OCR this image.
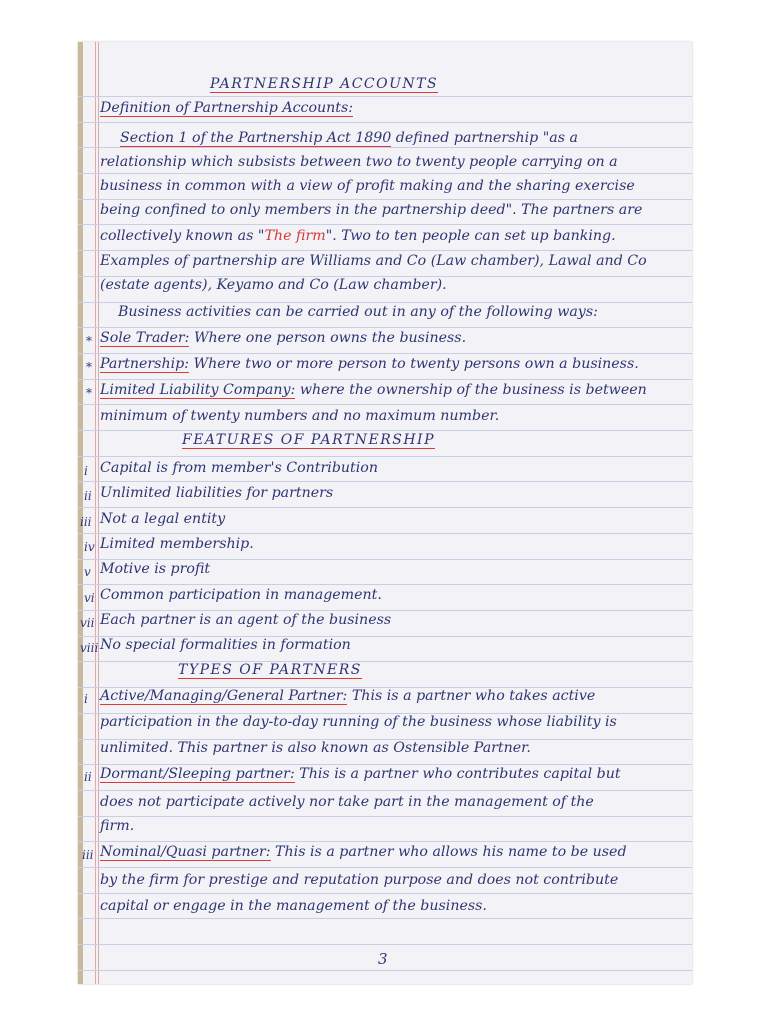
PARTNERSHIP ACCOUNTS
Definition of Partnership Accounts:
Section 1 of the Partnership Act 1890 defined partnership "as a
relationship which subsists between two to twenty people carrying on a
business in common with a view of profit making and the sharing exercise
being confined to only members in the partnership deed". The partners are
collectively known as "The firm". Two to ten people can set up banking.
Examples of partnership are Williams and Co (Law chamber), Lawal and Co
(estate agents), Keyamo and Co (Law chamber).
Business activities can be carried out in any of the following ways:
* Sole Trader: Where one person owns the business.
* Partnership: Where two or more person to twenty persons own a business.
* Limited Liability Company: where the ownership of the business is between
minimum of twenty numbers and no maximum number.
FEATURES OF PARTNERSHIP
i Capital is from member's Contribution
ii Unlimited liabilities for partners
iii Not a legal entity
iv Limited membership.
v Motive is profit
vi Common participation in management.
vii Each partner is an agent of the business
viii No special formalities in formation
TYPES OF PARTNERS
i Active/Managing/General Partner: This is a partner who takes active
participation in the day-to-day running of the business whose liability is
unlimited. This partner is also known as Ostensible Partner.
ii Dormant/Sleeping partner: This is a partner who contributes capital but
does not participate actively nor take part in the management of the
firm.
iii Nominal/Quasi partner: This is a partner who allows his name to be used
by the firm for prestige and reputation purpose and does not contribute
capital or engage in the management of the business.
3
